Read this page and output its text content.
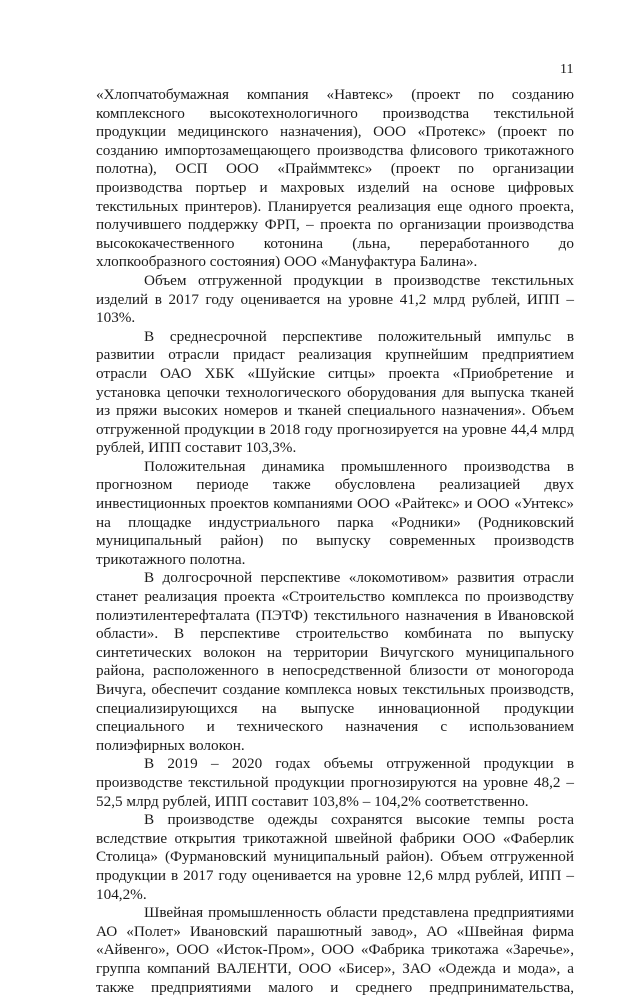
11

«Хлопчатобумажная компания «Навтекс» (проект по созданию комплексного высокотехнологичного производства текстильной продукции медицинского назначения), ООО «Протекс» (проект по созданию импортозамещающего производства флисового трикотажного полотна), ОСП ООО «Прайммтекс» (проект по организации производства портьер и махровых изделий на основе цифровых текстильных принтеров). Планируется реализация еще одного проекта, получившего поддержку ФРП, – проекта по организации производства высококачественного котонина (льна, переработанного до хлопкообразного состояния) ООО «Мануфактура Балина».

Объем отгруженной продукции в производстве текстильных изделий в 2017 году оценивается на уровне 41,2 млрд рублей, ИПП – 103%.

В среднесрочной перспективе положительный импульс в развитии отрасли придаст реализация крупнейшим предприятием отрасли ОАО ХБК «Шуйские ситцы» проекта «Приобретение и установка цепочки технологического оборудования для выпуска тканей из пряжи высоких номеров и тканей специального назначения». Объем отгруженной продукции в 2018 году прогнозируется на уровне 44,4 млрд рублей, ИПП составит 103,3%.

Положительная динамика промышленного производства в прогнозном периоде также обусловлена реализацией двух инвестиционных проектов компаниями ООО «Райтекс» и ООО «Унтекс» на площадке индустриального парка «Родники» (Родниковский муниципальный район) по выпуску современных производств трикотажного полотна.

В долгосрочной перспективе «локомотивом» развития отрасли станет реализация проекта «Строительство комплекса по производству полиэтилентерефталата (ПЭТФ) текстильного назначения в Ивановской области». В перспективе строительство комбината по выпуску синтетических волокон на территории Вичугского муниципального района, расположенного в непосредственной близости от моногорода Вичуга, обеспечит создание комплекса новых текстильных производств, специализирующихся на выпуске инновационной продукции специального и технического назначения с использованием полиэфирных волокон.

В 2019 – 2020 годах объемы отгруженной продукции в производстве текстильной продукции прогнозируются на уровне 48,2 – 52,5 млрд рублей, ИПП составит 103,8% – 104,2% соответственно.

В производстве одежды сохранятся высокие темпы роста вследствие открытия трикотажной швейной фабрики ООО «Фаберлик Столица» (Фурмановский муниципальный район). Объем отгруженной продукции в 2017 году оценивается на уровне 12,6 млрд рублей, ИПП – 104,2%.

Швейная промышленность области представлена предприятиями АО «Полет» Ивановский парашютный завод», АО «Швейная фирма «Айвенго», ООО «Исток-Пром», ООО «Фабрика трикотажа «Заречье», группа компаний ВАЛЕНТИ, ООО «Бисер», ЗАО «Одежда и мода», а также предприятиями малого и среднего предпринимательства,
